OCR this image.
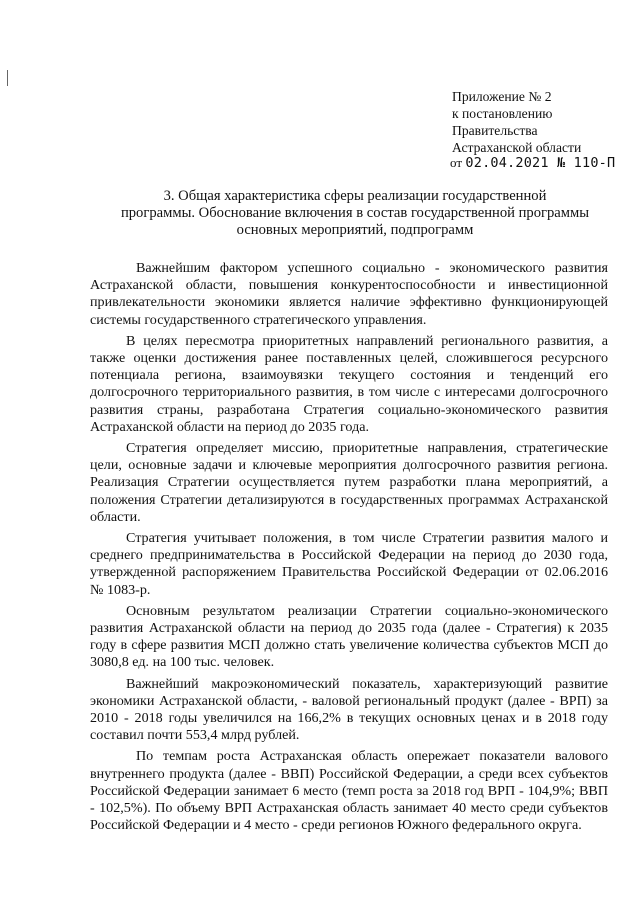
Приложение № 2
к постановлению
Правительства
Астраханской области
от 02.04.2021 № 110-П
3. Общая характеристика сферы реализации государственной
программы. Обоснование включения в состав государственной программы
основных мероприятий, подпрограмм

Важнейшим фактором успешного социально - экономического развития Астраханской области, повышения конкурентоспособности и инвестиционной привлекательности экономики является наличие эффективно функционирующей системы государственного стратегического управления.

В целях пересмотра приоритетных направлений регионального развития, а также оценки достижения ранее поставленных целей, сложившегося ресурсного потенциала региона, взаимоувязки текущего состояния и тенденций его долгосрочного территориального развития, в том числе с интересами долгосрочного развития страны, разработана Стратегия социально-экономического развития Астраханской области на период до 2035 года.

Стратегия определяет миссию, приоритетные направления, стратегические цели, основные задачи и ключевые мероприятия долгосрочного развития региона. Реализация Стратегии осуществляется путем разработки плана мероприятий, а положения Стратегии детализируются в государственных программах Астраханской области.

Стратегия учитывает положения, в том числе Стратегии развития малого и среднего предпринимательства в Российской Федерации на период до 2030 года, утвержденной распоряжением Правительства Российской Федерации от 02.06.2016 № 1083-р.

Основным результатом реализации Стратегии социально-экономического развития Астраханской области на период до 2035 года (далее - Стратегия) к 2035 году в сфере развития МСП должно стать увеличение количества субъектов МСП до 3080,8 ед. на 100 тыс. человек.

Важнейший макроэкономический показатель, характеризующий развитие экономики Астраханской области, - валовой региональный продукт (далее - ВРП) за 2010 - 2018 годы увеличился на 166,2% в текущих основных ценах и в 2018 году составил почти 553,4 млрд рублей.

По темпам роста Астраханская область опережает показатели валового внутреннего продукта (далее - ВВП) Российской Федерации, а среди всех субъектов Российской Федерации занимает 6 место (темп роста за 2018 год ВРП - 104,9%; ВВП - 102,5%). По объему ВРП Астраханская область занимает 40 место среди субъектов Российской Федерации и 4 место - среди регионов Южного федерального округа.
